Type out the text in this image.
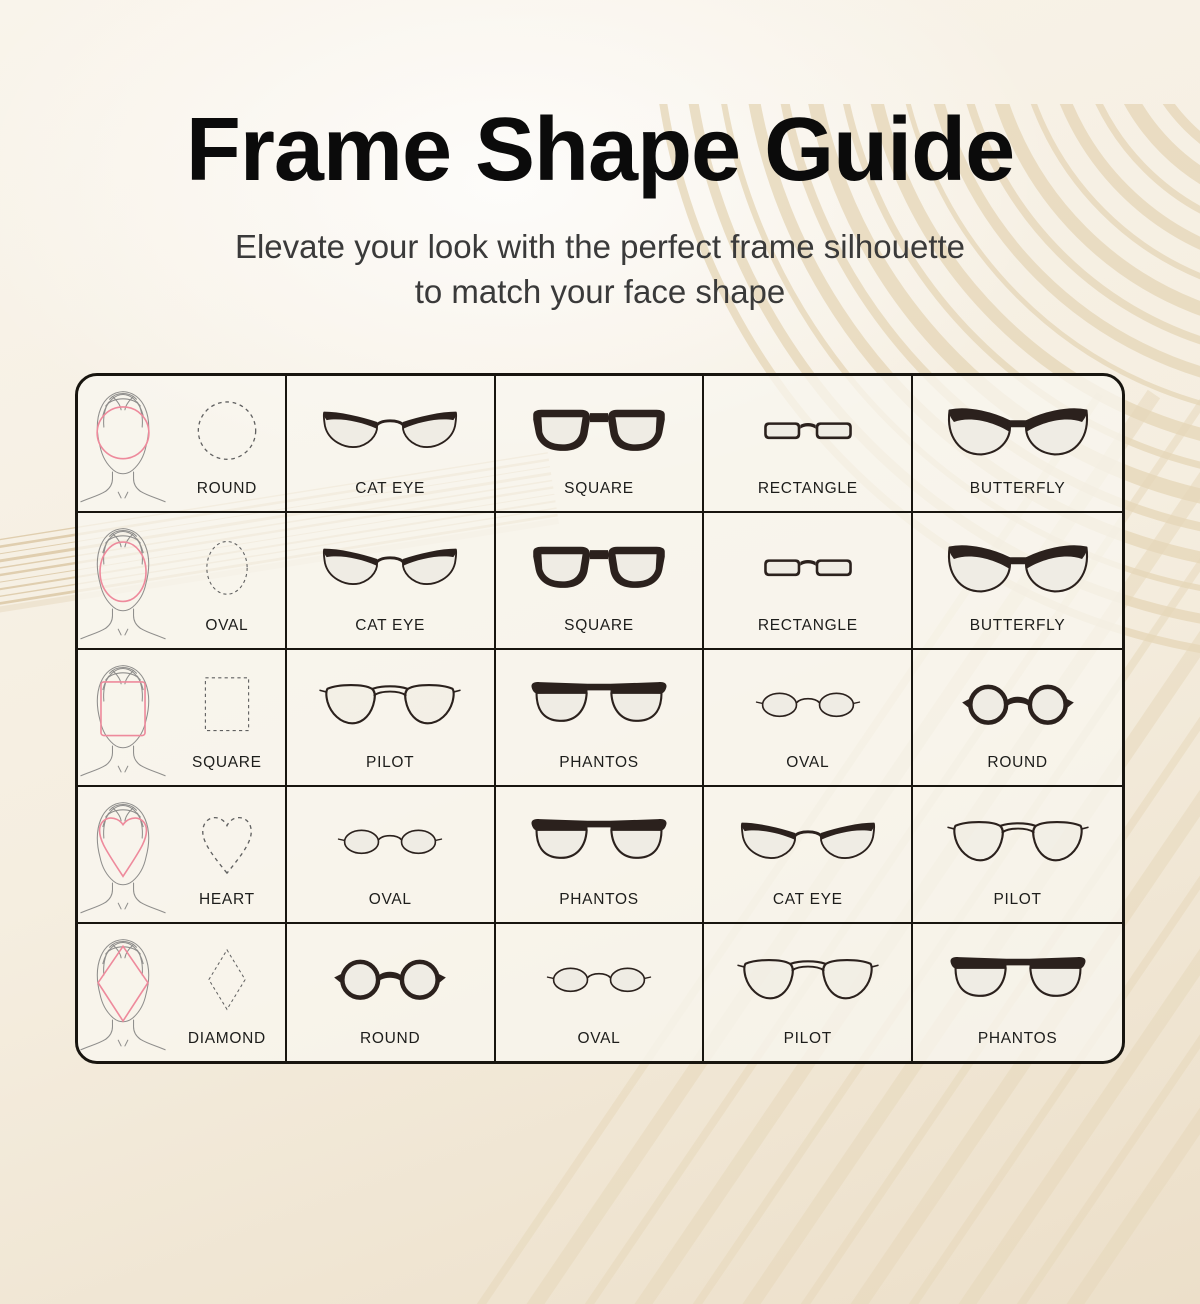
Frame Shape Guide

Elevate your look with the perfect frame silhouette
to match your face shape

ROUND	CAT EYE	SQUARE	RECTANGLE	BUTTERFLY
OVAL	CAT EYE	SQUARE	RECTANGLE	BUTTERFLY
SQUARE	PILOT	PHANTOS	OVAL	ROUND
HEART	OVAL	PHANTOS	CAT EYE	PILOT
DIAMOND	ROUND	OVAL	PILOT	PHANTOS
